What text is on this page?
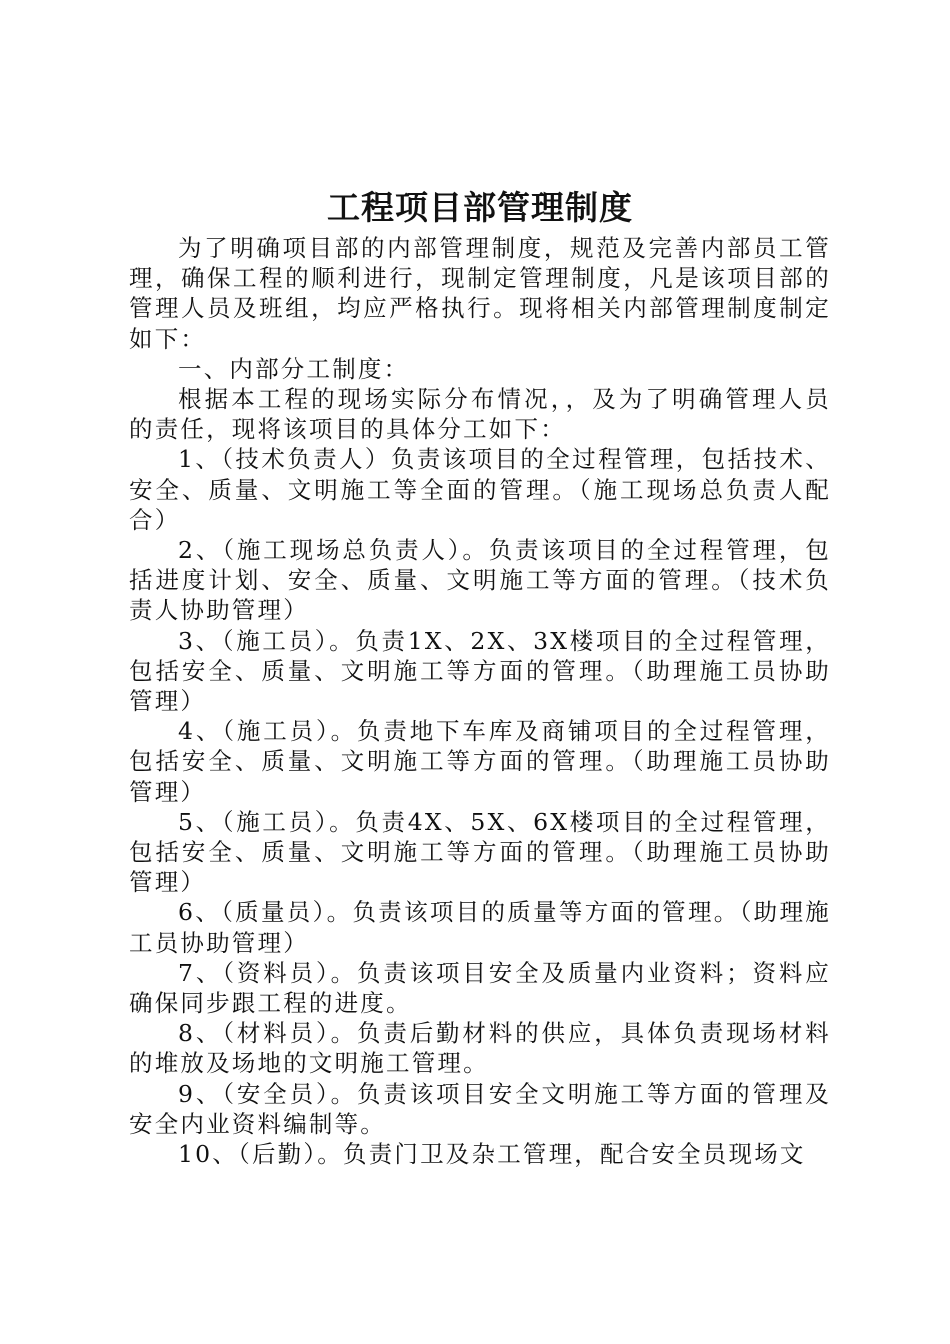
工程项目部管理制度

为了明确项目部的内部管理制度，规范及完善内部员工管理，确保工程的顺利进行，现制定管理制度，凡是该项目部的管理人员及班组，均应严格执行。现将相关内部管理制度制定如下：

一、内部分工制度：

根据本工程的现场实际分布情况，，及为了明确管理人员的责任，现将该项目的具体分工如下：

1、（技术负责人）负责该项目的全过程管理，包括技术、安全、质量、文明施工等全面的管理。（施工现场总负责人配合）

2、（施工现场总负责人）。负责该项目的全过程管理，包括进度计划、安全、质量、文明施工等方面的管理。（技术负责人协助管理）

3、（施工员）。负责1X、2X、3X楼项目的全过程管理，包括安全、质量、文明施工等方面的管理。（助理施工员协助管理）

4、（施工员）。负责地下车库及商铺项目的全过程管理，包括安全、质量、文明施工等方面的管理。（助理施工员协助管理）

5、（施工员）。负责4X、5X、6X楼项目的全过程管理，包括安全、质量、文明施工等方面的管理。（助理施工员协助管理）

6、（质量员）。负责该项目的质量等方面的管理。（助理施工员协助管理）

7、（资料员）。负责该项目安全及质量内业资料；资料应确保同步跟工程的进度。

8、（材料员）。负责后勤材料的供应，具体负责现场材料的堆放及场地的文明施工管理。

9、（安全员）。负责该项目安全文明施工等方面的管理及安全内业资料编制等。

10、（后勤）。负责门卫及杂工管理，配合安全员现场文
